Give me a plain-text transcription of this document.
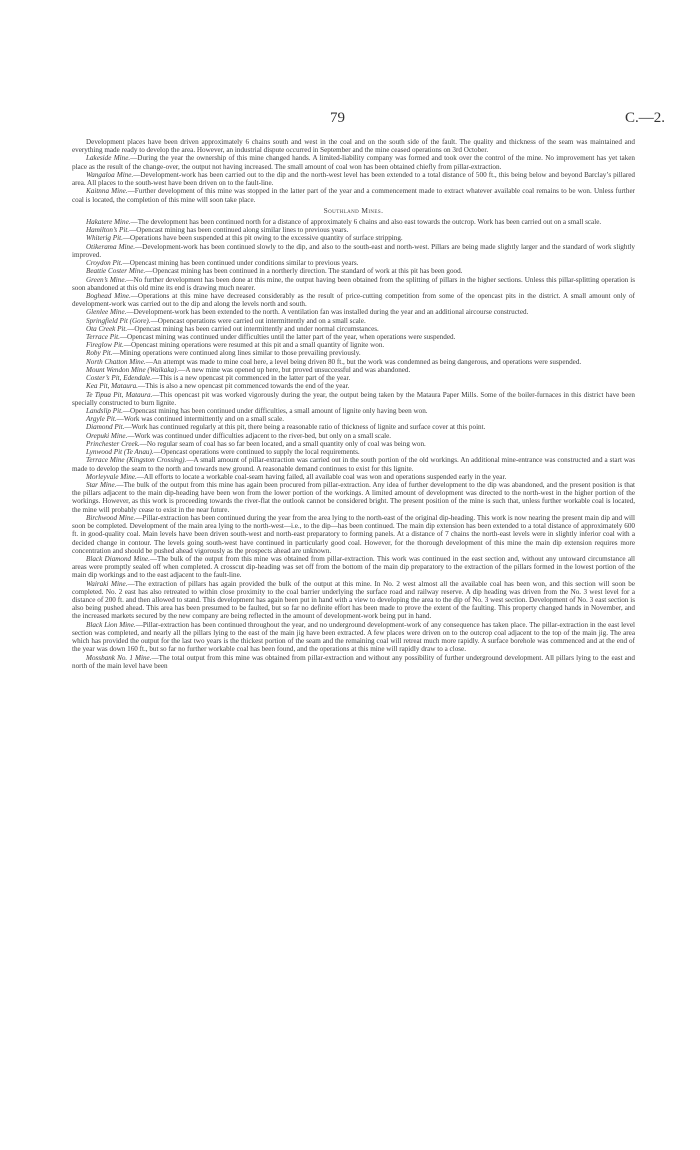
79	C.—2.

Development places have been driven approximately 6 chains south and west in the coal and on the south side of the fault. The quality and thickness of the seam was maintained and everything made ready to develop the area. However, an industrial dispute occurred in September and the mine ceased operations on 3rd October.

Lakeside Mine.—During the year the ownership of this mine changed hands. A limited-liability company was formed and took over the control of the mine. No improvement has yet taken place as the result of the change-over, the output not having increased. The small amount of coal won has been obtained chiefly from pillar-extraction.

Wangaloa Mine.—Development-work has been carried out to the dip and the north-west level has been extended to a total distance of 500 ft., this being below and beyond Barclay’s pillared area. All places to the south-west have been driven on to the fault-line.

Kaitnna Mine.—Further development of this mine was stopped in the latter part of the year and a commencement made to extract whatever available coal remains to be won. Unless further coal is located, the completion of this mine will soon take place.

Southland Mines.

Hakatere Mine.—The development has been continued north for a distance of approximately 6 chains and also east towards the outcrop. Work has been carried out on a small scale.

Hamilton’s Pit.—Opencast mining has been continued along similar lines to previous years.

Whiterig Pit.—Operations have been suspended at this pit owing to the excessive quantity of surface stripping.

Otikerama Mine.—Development-work has been continued slowly to the dip, and also to the south-east and north-west. Pillars are being made slightly larger and the standard of work slightly improved.

Croydon Pit.—Opencast mining has been continued under conditions similar to previous years.

Beattie Coster Mine.—Opencast mining has been continued in a northerly direction. The standard of work at this pit has been good.

Green’s Mine.—No further development has been done at this mine, the output having been obtained from the splitting of pillars in the higher sections. Unless this pillar-splitting operation is soon abandoned at this old mine its end is drawing much nearer.

Boghead Mine.—Operations at this mine have decreased considerably as the result of price-cutting competition from some of the opencast pits in the district. A small amount only of development-work was carried out to the dip and along the levels north and south.

Glenlee Mine.—Development-work has been extended to the north. A ventilation fan was installed during the year and an additional aircourse constructed.

Springfield Pit (Gore).—Opencast operations were carried out intermittently and on a small scale.

Ota Creek Pit.—Opencast mining has been carried out intermittently and under normal circumstances.

Terrace Pit.—Opencast mining was continued under difficulties until the latter part of the year, when operations were suspended.

Fireglow Pit.—Opencast mining operations were resumed at this pit and a small quantity of lignite won.

Roby Pit.—Mining operations were continued along lines similar to those prevailing previously.

North Chatton Mine.—An attempt was made to mine coal here, a level being driven 80 ft., but the work was condemned as being dangerous, and operations were suspended.

Mount Wendon Mine (Waikaka).—A new mine was opened up here, but proved unsuccessful and was abandoned.

Coster’s Pit, Edendale.—This is a new opencast pit commenced in the latter part of the year.

Kea Pit, Mataura.—This is also a new opencast pit commenced towards the end of the year.

Te Tipua Pit, Mataura.—This opencast pit was worked vigorously during the year, the output being taken by the Mataura Paper Mills. Some of the boiler-furnaces in this district have been specially constructed to burn lignite.

Landslip Pit.—Opencast mining has been continued under difficulties, a small amount of lignite only having been won.

Argyle Pit.—Work was continued intermittently and on a small scale.

Diamond Pit.—Work has continued regularly at this pit, there being a reasonable ratio of thickness of lignite and surface cover at this point.

Orepuki Mine.—Work was continued under difficulties adjacent to the river-bed, but only on a small scale.

Princhester Creek.—No regular seam of coal has so far been located, and a small quantity only of coal was being won.

Lynwood Pit (Te Anau).—Opencast operations were continued to supply the local requirements.

Terrace Mine (Kingston Crossing).—A small amount of pillar-extraction was carried out in the south portion of the old workings. An additional mine-entrance was constructed and a start was made to develop the seam to the north and towards new ground. A reasonable demand continues to exist for this lignite.

Morleyvale Mine.—All efforts to locate a workable coal-seam having failed, all available coal was won and operations suspended early in the year.

Star Mine.—The bulk of the output from this mine has again been procured from pillar-extraction. Any idea of further development to the dip was abandoned, and the present position is that the pillars adjacent to the main dip-heading have been won from the lower portion of the workings. A limited amount of development was directed to the north-west in the higher portion of the workings. However, as this work is proceeding towards the river-flat the outlook cannot be considered bright. The present position of the mine is such that, unless further workable coal is located, the mine will probably cease to exist in the near future.

Birchwood Mine.—Pillar-extraction has been continued during the year from the area lying to the north-east of the original dip-heading. This work is now nearing the present main dip and will soon be completed. Development of the main area lying to the north-west—i.e., to the dip—has been continued. The main dip extension has been extended to a total distance of approximately 600 ft. in good-quality coal. Main levels have been driven south-west and north-east preparatory to forming panels. At a distance of 7 chains the north-east levels were in slightly inferior coal with a decided change in contour. The levels going south-west have continued in particularly good coal. However, for the thorough development of this mine the main dip extension requires more concentration and should be pushed ahead vigorously as the prospects ahead are unknown.

Black Diamond Mine.—The bulk of the output from this mine was obtained from pillar-extraction. This work was continued in the east section and, without any untoward circumstance all areas were promptly sealed off when completed. A crosscut dip-heading was set off from the bottom of the main dip preparatory to the extraction of the pillars formed in the lowest portion of the main dip workings and to the east adjacent to the fault-line.

Wairaki Mine.—The extraction of pillars has again provided the bulk of the output at this mine. In No. 2 west almost all the available coal has been won, and this section will soon be completed. No. 2 east has also retreated to within close proximity to the coal barrier underlying the surface road and railway reserve. A dip heading was driven from the No. 3 west level for a distance of 200 ft. and then allowed to stand. This development has again been put in hand with a view to developing the area to the dip of No. 3 west section. Development of No. 3 east section is also being pushed ahead. This area has been presumed to be faulted, but so far no definite effort has been made to prove the extent of the faulting. This property changed hands in November, and the increased markets secured by the new company are being reflected in the amount of development-work being put in hand.

Black Lion Mine.—Pillar-extraction has been continued throughout the year, and no underground development-work of any consequence has taken place. The pillar-extraction in the east level section was completed, and nearly all the pillars lying to the east of the main jig have been extracted. A few places were driven on to the outcrop coal adjacent to the top of the main jig. The area which has provided the output for the last two years is the thickest portion of the seam and the remaining coal will retreat much more rapidly. A surface borehole was commenced and at the end of the year was down 160 ft., but so far no further workable coal has been found, and the operations at this mine will rapidly draw to a close.

Mossbank No. 1 Mine.—The total output from this mine was obtained from pillar-extraction and without any possibility of further underground development. All pillars lying to the east and north of the main level have been
